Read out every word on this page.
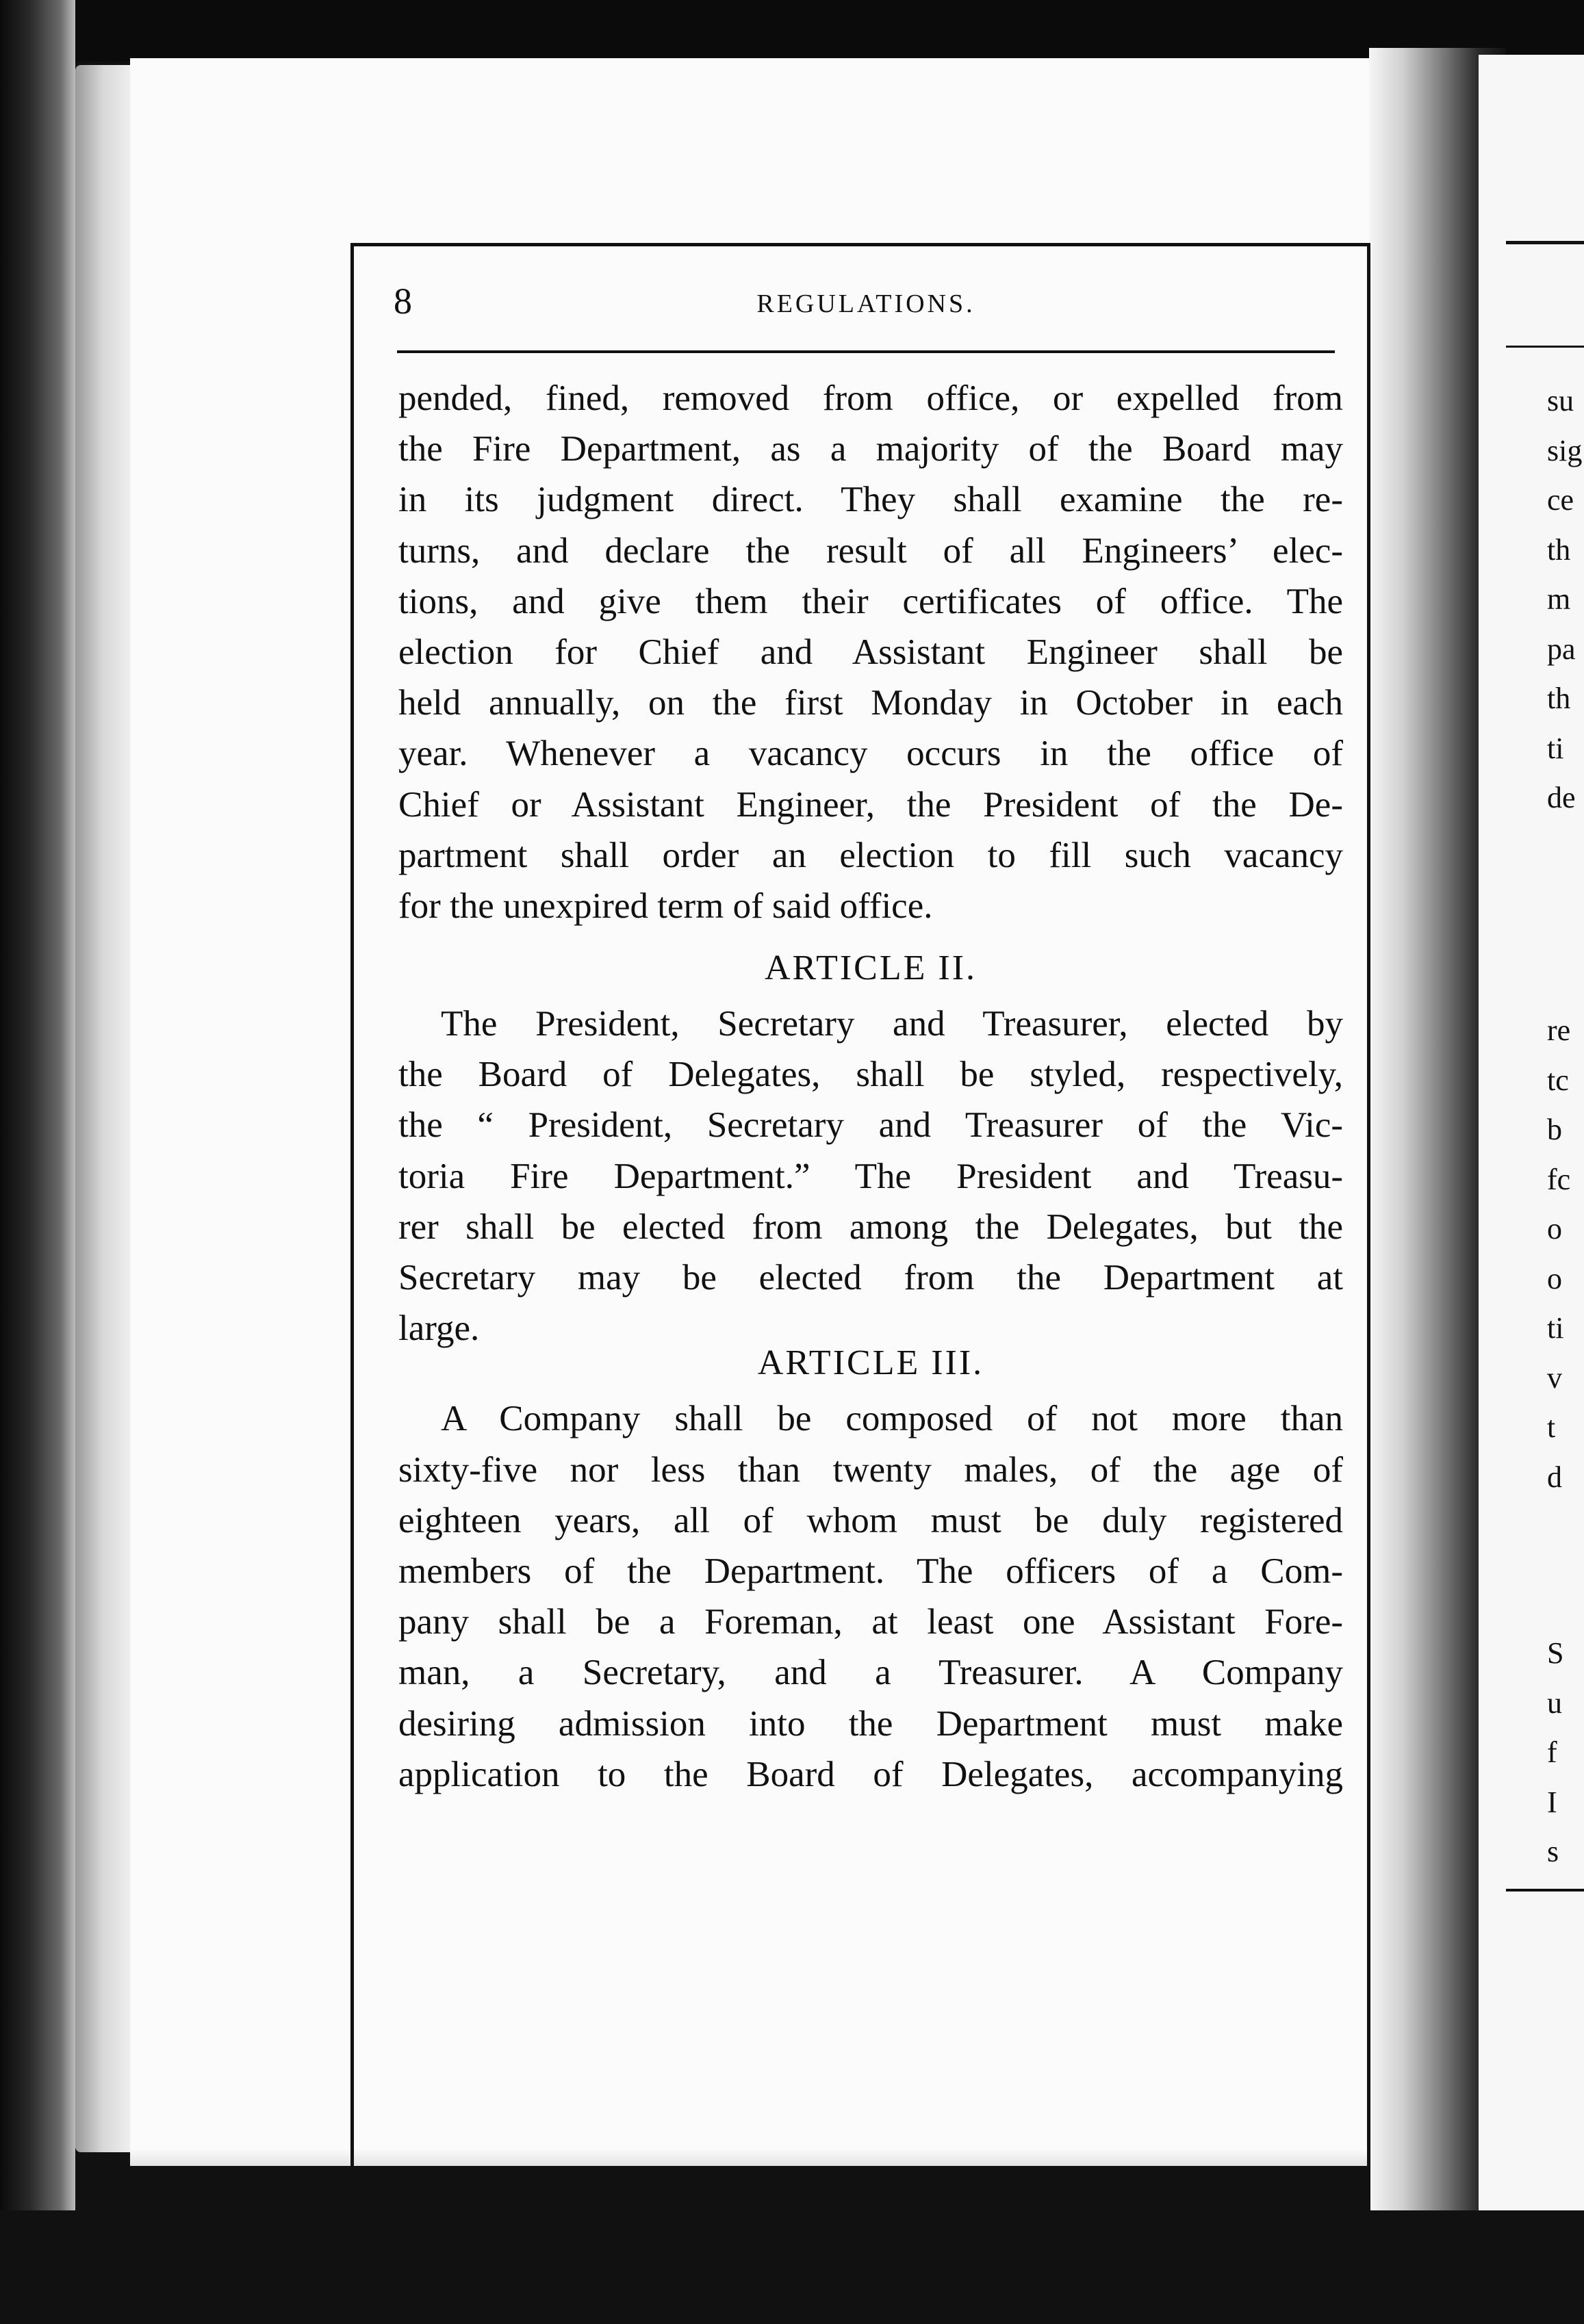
su
sig
ce
th
m
pa
th
ti
de
re
tc
b
fc
o
o
ti
v
t
d
S
u
f
I
s
8	REGULATIONS.
pended, fined, removed from office, or expelled from
the Fire Department, as a majority of the Board may
in its judgment direct. They shall examine the re-
turns, and declare the result of all Engineers’ elec-
tions, and give them their certificates of office. The
election for Chief and Assistant Engineer shall be
held annually, on the first Monday in October in each
year. Whenever a vacancy occurs in the office of
Chief or Assistant Engineer, the President of the De-
partment shall order an election to fill such vacancy
for the unexpired term of said office.
ARTICLE II.
The President, Secretary and Treasurer, elected by
the Board of Delegates, shall be styled, respectively,
the “ President, Secretary and Treasurer of the Vic-
toria Fire Department.” The President and Treasu-
rer shall be elected from among the Delegates, but the
Secretary may be elected from the Department at
large.
ARTICLE III.
A Company shall be composed of not more than
sixty-five nor less than twenty males, of the age of
eighteen years, all of whom must be duly registered
members of the Department. The officers of a Com-
pany shall be a Foreman, at least one Assistant Fore-
man, a Secretary, and a Treasurer. A Company
desiring admission into the Department must make
application to the Board of Delegates, accompanying
